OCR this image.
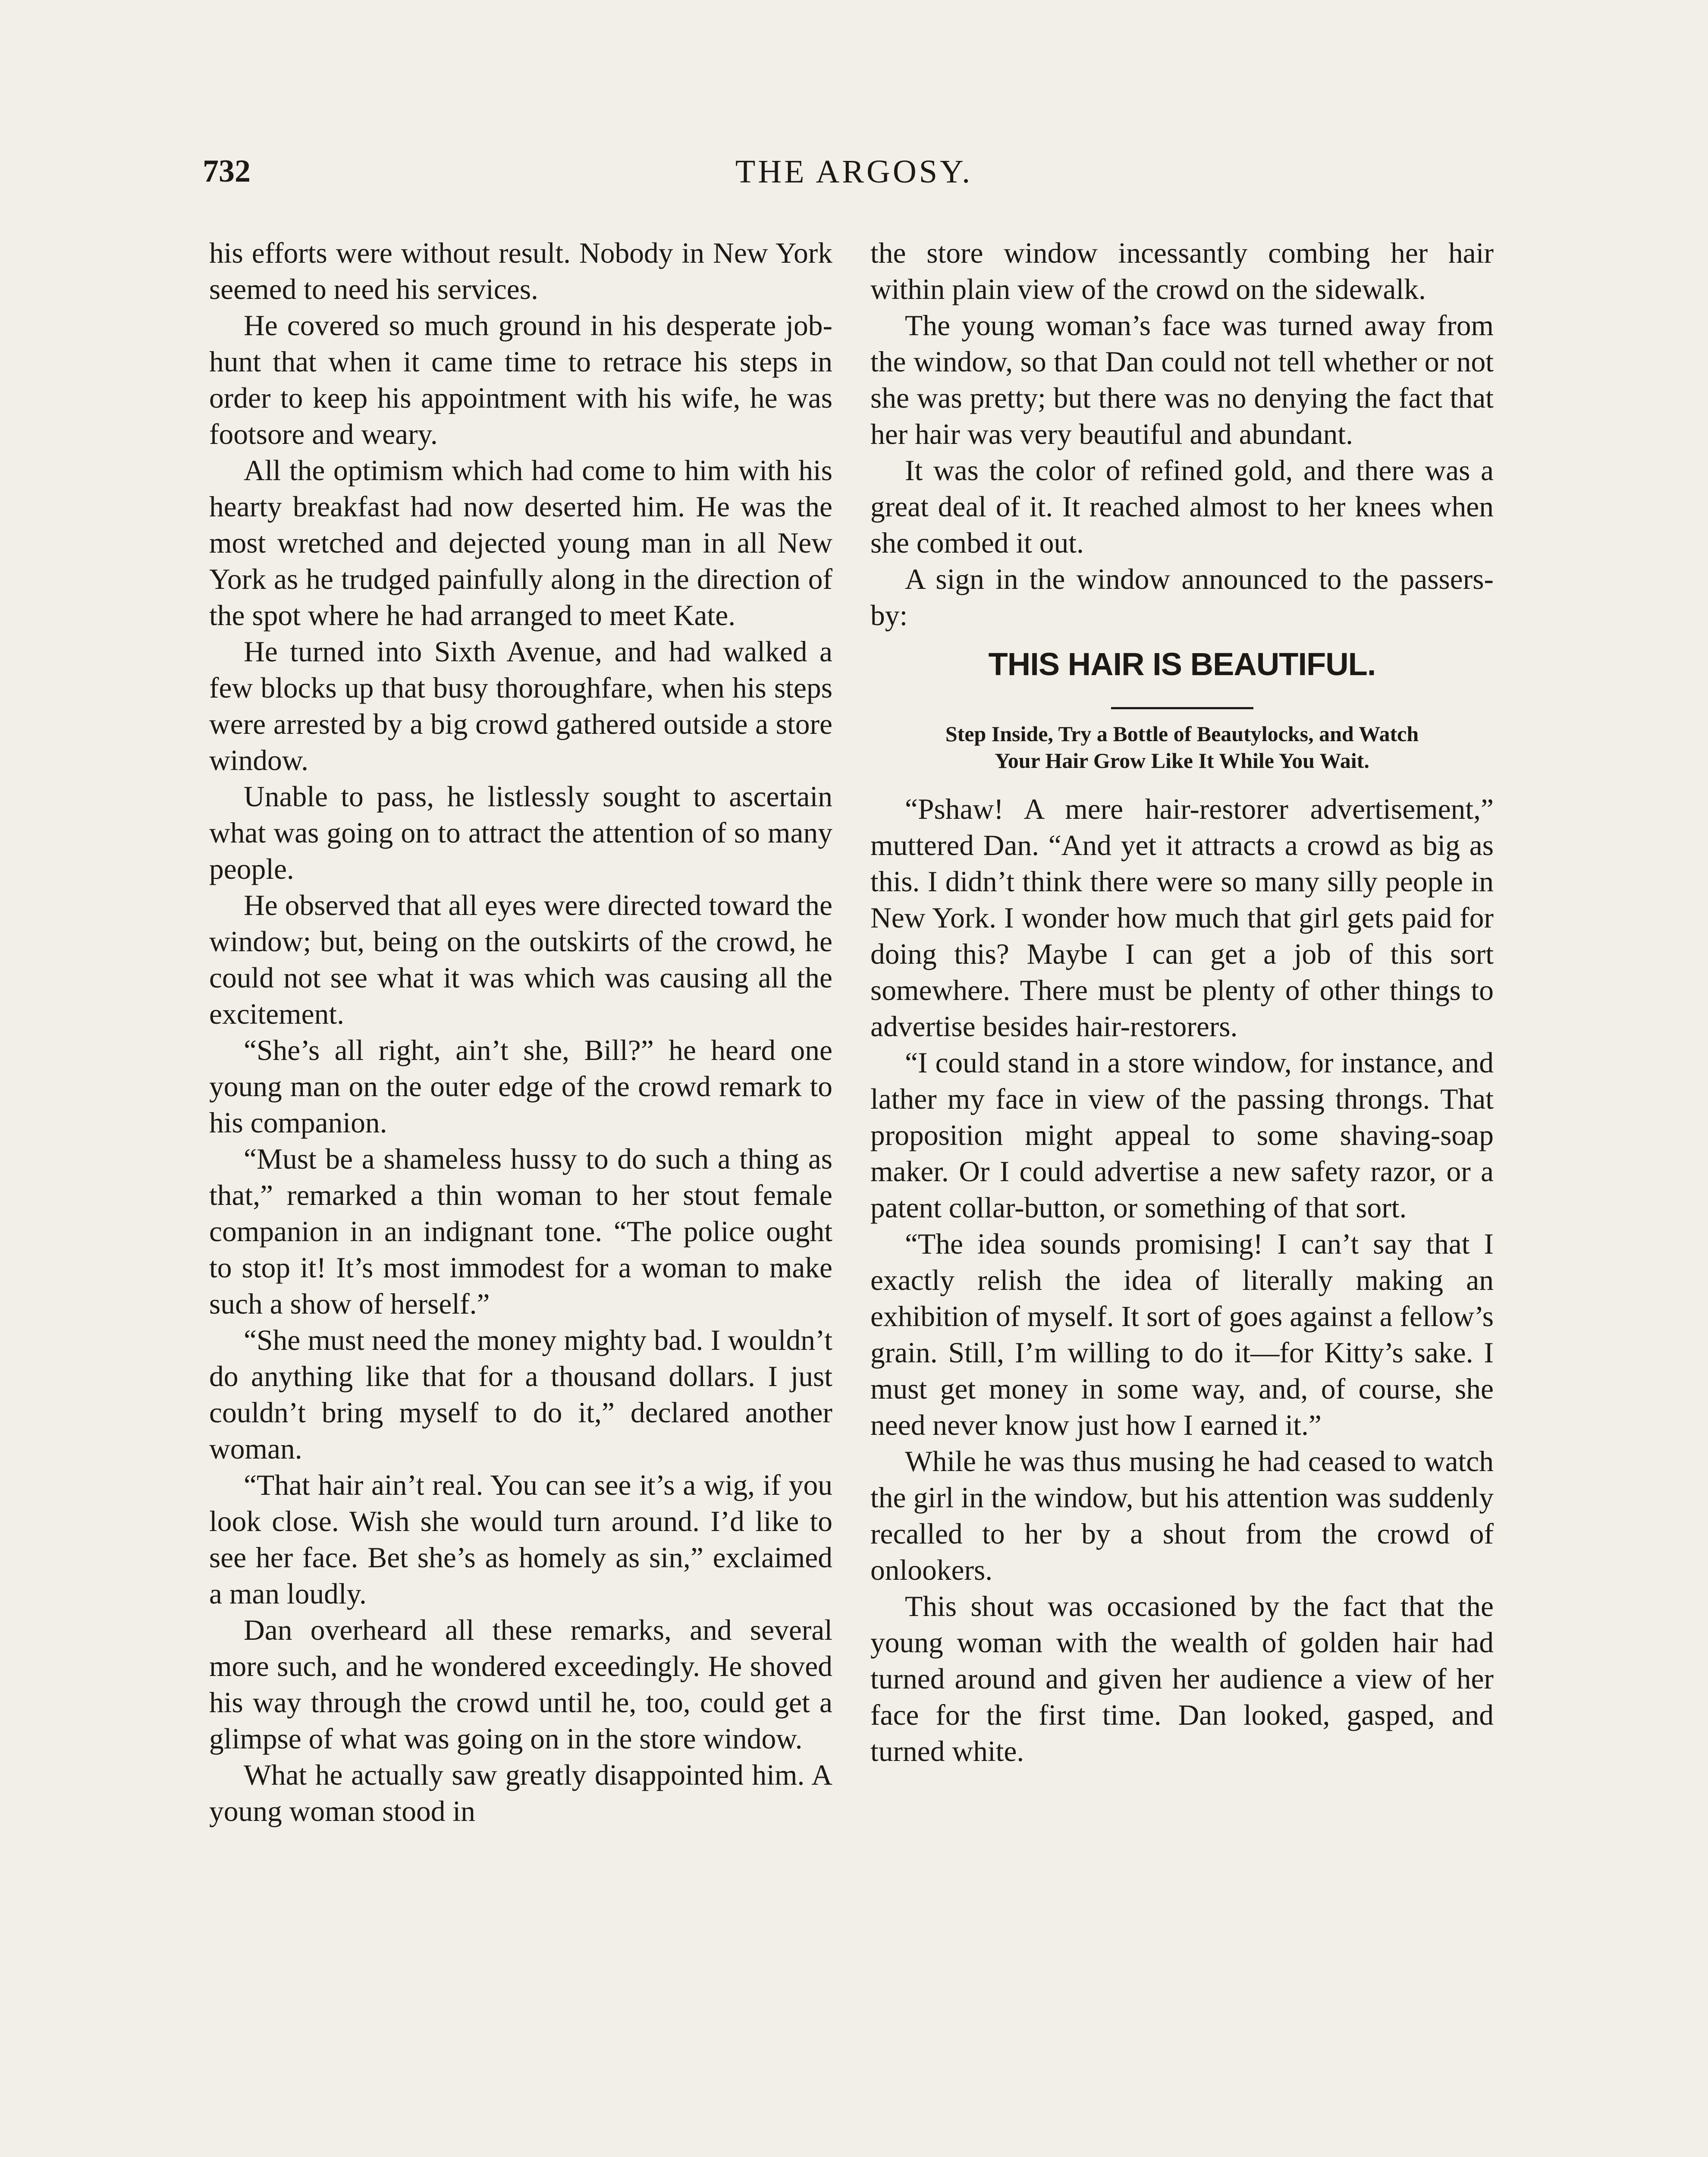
732	THE ARGOSY.

his efforts were without result. Nobody in New York seemed to need his services.

He covered so much ground in his desperate job-hunt that when it came time to retrace his steps in order to keep his appointment with his wife, he was footsore and weary.

All the optimism which had come to him with his hearty breakfast had now deserted him. He was the most wretched and dejected young man in all New York as he trudged painfully along in the direction of the spot where he had arranged to meet Kate.

He turned into Sixth Avenue, and had walked a few blocks up that busy thoroughfare, when his steps were arrested by a big crowd gathered outside a store window.

Unable to pass, he listlessly sought to ascertain what was going on to attract the attention of so many people.

He observed that all eyes were directed toward the window; but, being on the outskirts of the crowd, he could not see what it was which was causing all the excitement.

“She’s all right, ain’t she, Bill?” he heard one young man on the outer edge of the crowd remark to his companion.

“Must be a shameless hussy to do such a thing as that,” remarked a thin woman to her stout female companion in an indignant tone. “The police ought to stop it! It’s most immodest for a woman to make such a show of herself.”

“She must need the money mighty bad. I wouldn’t do anything like that for a thousand dollars. I just couldn’t bring myself to do it,” declared another woman.

“That hair ain’t real. You can see it’s a wig, if you look close. Wish she would turn around. I’d like to see her face. Bet she’s as homely as sin,” exclaimed a man loudly.

Dan overheard all these remarks, and several more such, and he wondered exceedingly. He shoved his way through the crowd until he, too, could get a glimpse of what was going on in the store window.

What he actually saw greatly disappointed him. A young woman stood in

the store window incessantly combing her hair within plain view of the crowd on the sidewalk.

The young woman’s face was turned away from the window, so that Dan could not tell whether or not she was pretty; but there was no denying the fact that her hair was very beautiful and abundant.

It was the color of refined gold, and there was a great deal of it. It reached almost to her knees when she combed it out.

A sign in the window announced to the passers-by:

THIS HAIR IS BEAUTIFUL.
Step Inside, Try a Bottle of Beautylocks, and Watch
Your Hair Grow Like It While You Wait.

“Pshaw! A mere hair-restorer advertisement,” muttered Dan. “And yet it attracts a crowd as big as this. I didn’t think there were so many silly people in New York. I wonder how much that girl gets paid for doing this? Maybe I can get a job of this sort somewhere. There must be plenty of other things to advertise besides hair-restorers.

“I could stand in a store window, for instance, and lather my face in view of the passing throngs. That proposition might appeal to some shaving-soap maker. Or I could advertise a new safety razor, or a patent collar-button, or something of that sort.

“The idea sounds promising! I can’t say that I exactly relish the idea of literally making an exhibition of myself. It sort of goes against a fellow’s grain. Still, I’m willing to do it—for Kitty’s sake. I must get money in some way, and, of course, she need never know just how I earned it.”

While he was thus musing he had ceased to watch the girl in the window, but his attention was suddenly recalled to her by a shout from the crowd of onlookers.

This shout was occasioned by the fact that the young woman with the wealth of golden hair had turned around and given her audience a view of her face for the first time. Dan looked, gasped, and turned white.
